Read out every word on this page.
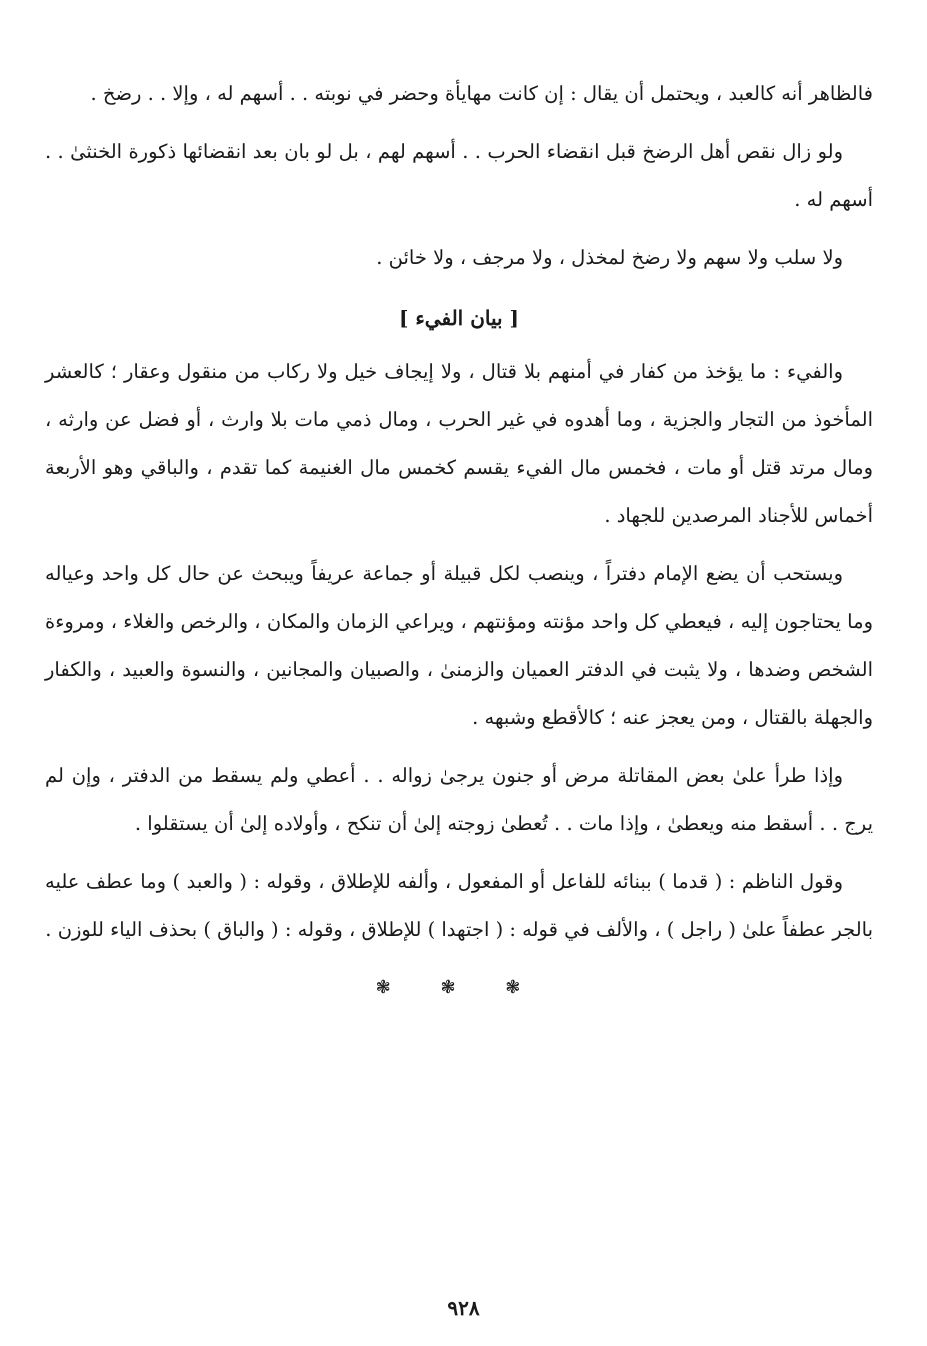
فالظاهر أنه كالعبد ، ويحتمل أن يقال : إن كانت مهايأة وحضر في نوبته . . أسهم له ، وإلا . . رضخ .

ولو زال نقص أهل الرضخ قبل انقضاء الحرب . . أسهم لهم ، بل لو بان بعد انقضائها ذكورة الخنثىٰ . . أسهم له .

ولا سلب ولا سهم ولا رضخ لمخذل ، ولا مرجف ، ولا خائن .

[ بيان الفيء ]

والفيء : ما يؤخذ من كفار في أمنهم بلا قتال ، ولا إيجاف خيل ولا ركاب من منقول وعقار ؛ كالعشر المأخوذ من التجار والجزية ، وما أهدوه في غير الحرب ، ومال ذمي مات بلا وارث ، أو فضل عن وارثه ، ومال مرتد قتل أو مات ، فخمس مال الفيء يقسم كخمس مال الغنيمة كما تقدم ، والباقي وهو الأربعة أخماس للأجناد المرصدين للجهاد .

ويستحب أن يضع الإمام دفتراً ، وينصب لكل قبيلة أو جماعة عريفاً ويبحث عن حال كل واحد وعياله وما يحتاجون إليه ، فيعطي كل واحد مؤنته ومؤنتهم ، ويراعي الزمان والمكان ، والرخص والغلاء ، ومروءة الشخص وضدها ، ولا يثبت في الدفتر العميان والزمنىٰ ، والصبيان والمجانين ، والنسوة والعبيد ، والكفار والجهلة بالقتال ، ومن يعجز عنه ؛ كالأقطع وشبهه .

وإذا طرأ علىٰ بعض المقاتلة مرض أو جنون يرجىٰ زواله . . أعطي ولم يسقط من الدفتر ، وإن لم يرج . . أسقط منه ويعطىٰ ، وإذا مات . . تُعطىٰ زوجته إلىٰ أن تنكح ، وأولاده إلىٰ أن يستقلوا .

وقول الناظم : ( قدما ) ببنائه للفاعل أو المفعول ، وألفه للإطلاق ، وقوله : ( والعبد ) وما عطف عليه بالجر عطفاً علىٰ ( راجل ) ، والألف في قوله : ( اجتهدا ) للإطلاق ، وقوله : ( والباق ) بحذف الياء للوزن .

❃ ❃ ❃
٩٢٨
